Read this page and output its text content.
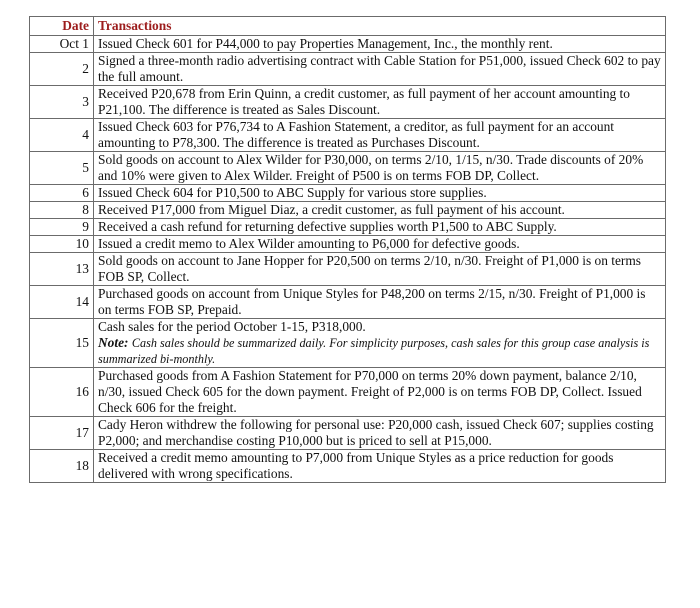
Date	Transactions
Oct 1	Issued Check 601 for P44,000 to pay Properties Management, Inc., the monthly rent.
2	Signed a three-month radio advertising contract with Cable Station for P51,000, issued Check 602 to pay the full amount.
3	Received P20,678 from Erin Quinn, a credit customer, as full payment of her account amounting to P21,100. The difference is treated as Sales Discount.
4	Issued Check 603 for P76,734 to A Fashion Statement, a creditor, as full payment for an account amounting to P78,300. The difference is treated as Purchases Discount.
5	Sold goods on account to Alex Wilder for P30,000, on terms 2/10, 1/15, n/30. Trade discounts of 20% and 10% were given to Alex Wilder. Freight of P500 is on terms FOB DP, Collect.
6	Issued Check 604 for P10,500 to ABC Supply for various store supplies.
8	Received P17,000 from Miguel Diaz, a credit customer, as full payment of his account.
9	Received a cash refund for returning defective supplies worth P1,500 to ABC Supply.
10	Issued a credit memo to Alex Wilder amounting to P6,000 for defective goods.
13	Sold goods on account to Jane Hopper for P20,500 on terms 2/10, n/30. Freight of P1,000 is on terms FOB SP, Collect.
14	Purchased goods on account from Unique Styles for P48,200 on terms 2/15, n/30. Freight of P1,000 is on terms FOB SP, Prepaid.
15	Cash sales for the period October 1-15, P318,000.
Note: Cash sales should be summarized daily. For simplicity purposes, cash sales for this group case analysis is summarized bi-monthly.
16	Purchased goods from A Fashion Statement for P70,000 on terms 20% down payment, balance 2/10, n/30, issued Check 605 for the down payment. Freight of P2,000 is on terms FOB DP, Collect. Issued Check 606 for the freight.
17	Cady Heron withdrew the following for personal use: P20,000 cash, issued Check 607; supplies costing P2,000; and merchandise costing P10,000 but is priced to sell at P15,000.
18	Received a credit memo amounting to P7,000 from Unique Styles as a price reduction for goods delivered with wrong specifications.
